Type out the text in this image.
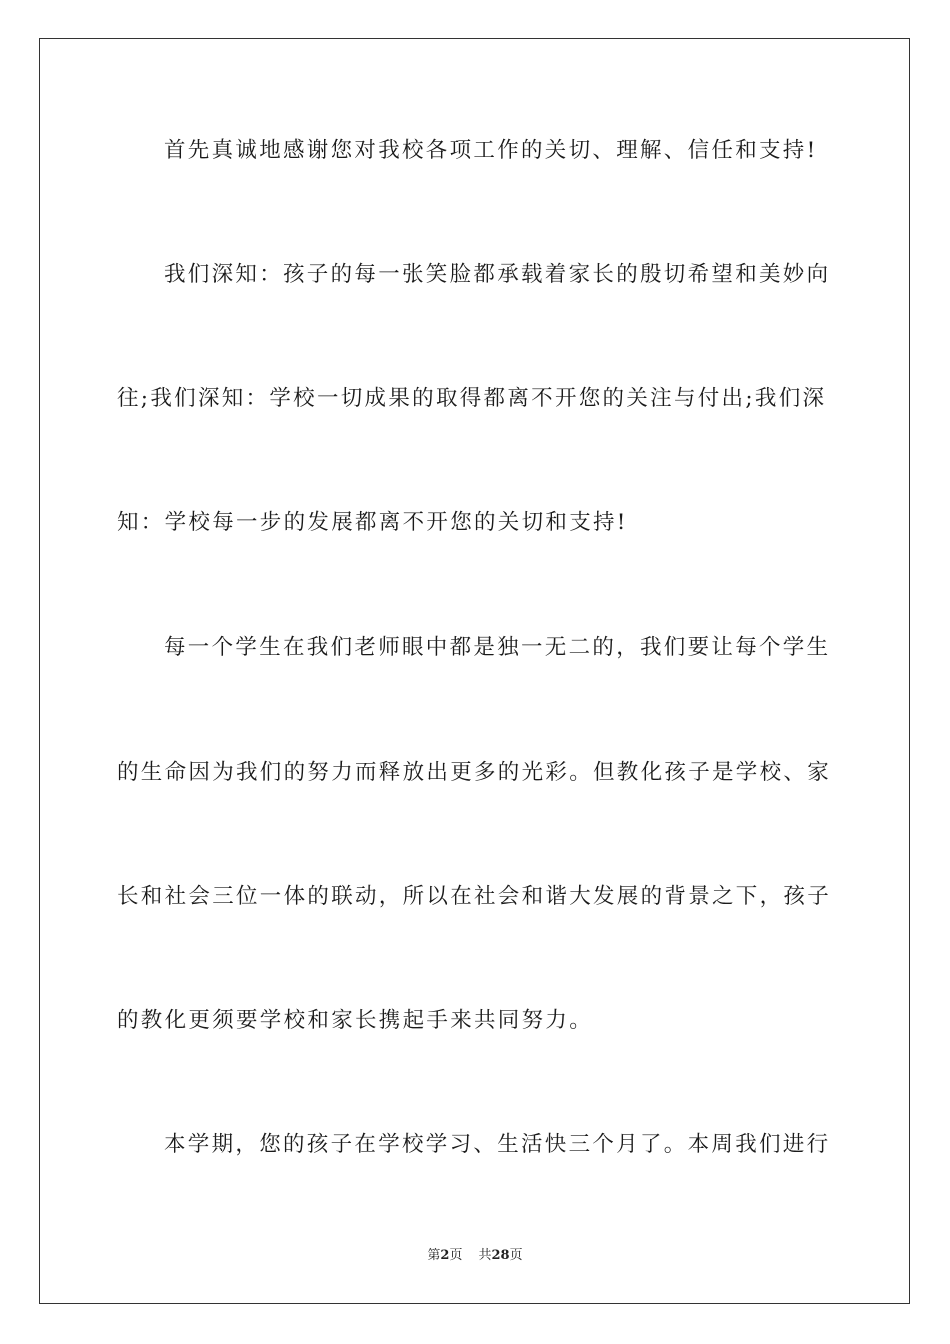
首先真诚地感谢您对我校各项工作的关切、理解、信任和支持!
我们深知：孩子的每一张笑脸都承载着家长的殷切希望和美妙向
往;我们深知：学校一切成果的取得都离不开您的关注与付出;我们深
知：学校每一步的发展都离不开您的关切和支持!
每一个学生在我们老师眼中都是独一无二的，我们要让每个学生
的生命因为我们的努力而释放出更多的光彩。但教化孩子是学校、家
长和社会三位一体的联动，所以在社会和谐大发展的背景之下，孩子
的教化更须要学校和家长携起手来共同努力。
本学期，您的孩子在学校学习、生活快三个月了。本周我们进行
第2页 共28页
